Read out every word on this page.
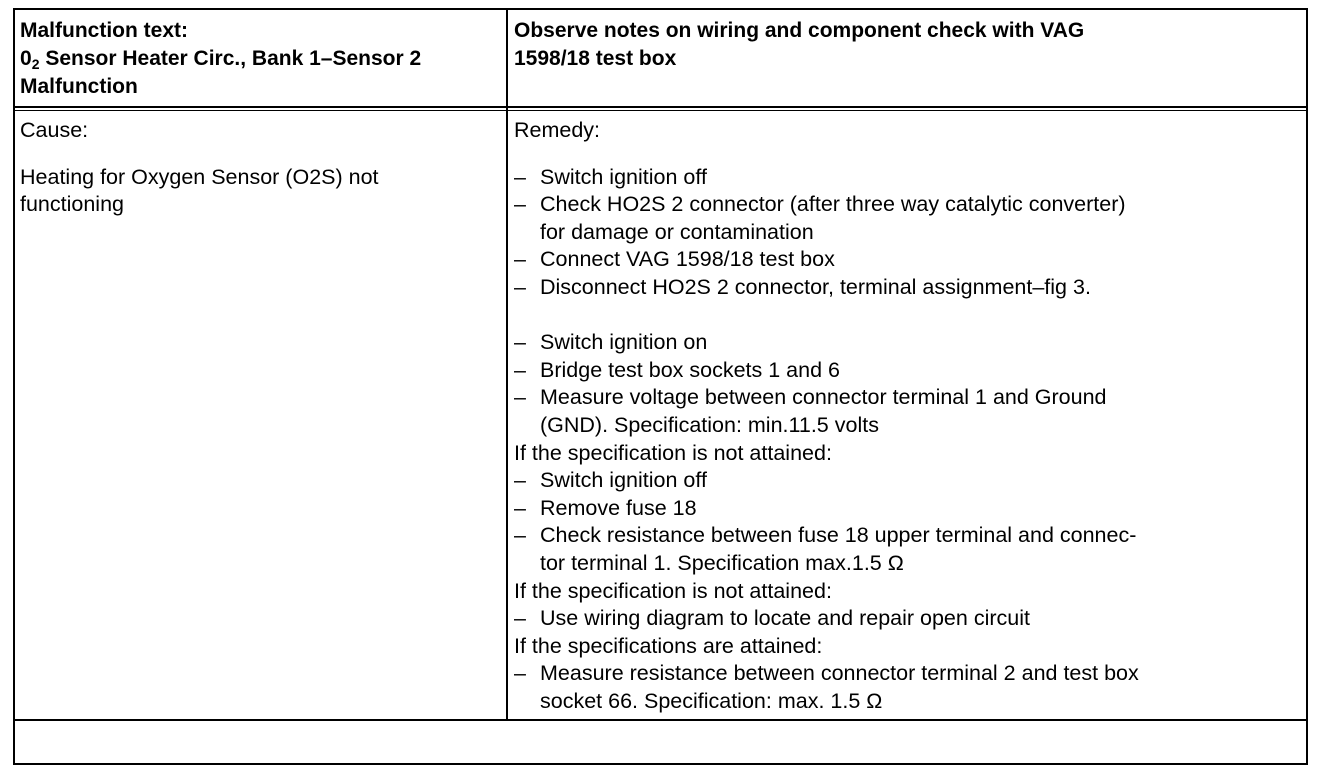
Malfunction text:
$0_2$ Sensor Heater Circ., Bank 1–Sensor 2
Malfunction
Observe notes on wiring and component check with VAG
1598/18 test box
Cause:
Heating for Oxygen Sensor (O2S) not
functioning
Remedy:
– Switch ignition off
– Check HO2S 2 connector (after three way catalytic converter)
for damage or contamination
– Connect VAG 1598/18 test box
– Disconnect HO2S 2 connector, terminal assignment–fig 3.
– Switch ignition on
– Bridge test box sockets 1 and 6
– Measure voltage between connector terminal 1 and Ground
(GND). Specification: min.11.5 volts
If the specification is not attained:
– Switch ignition off
– Remove fuse 18
– Check resistance between fuse 18 upper terminal and connec-
tor terminal 1. Specification max.1.5 Ω
If the specification is not attained:
– Use wiring diagram to locate and repair open circuit
If the specifications are attained:
– Measure resistance between connector terminal 2 and test box
socket 66. Specification: max. 1.5 Ω
